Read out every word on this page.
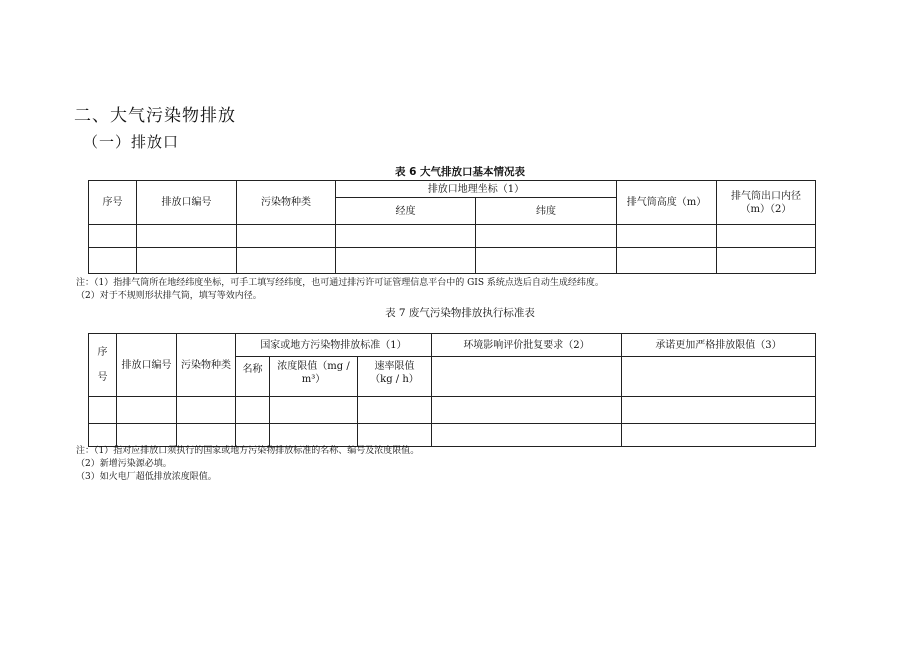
二、大气污染物排放
（一）排放口
表 6 大气排放口基本情况表
序号	排放口编号	污染物种类	排放口地理坐标（1）		排气筒高度（m）	排气筒出口内径
（m）（2）

			经度	纬度		

注：（1）指排气筒所在地经纬度坐标，可手工填写经纬度，也可通过排污许可证管理信息平台中的 GIS 系统点选后自动生成经纬度。
（2）对于不规则形状排气筒，填写等效内径。
表 7 废气污染物排放执行标准表
序
号	排放口编号	污染物种类	国家或地方污染物排放标准（1）			环境影响评价批复要求（2）	承诺更加严格排放限值（3）
			名称	浓度限值（mg / m³）	速率限值
（kg / h）		

注：（1）指对应排放口须执行的国家或地方污染物排放标准的名称、编号及浓度限值。
（2）新增污染源必填。
（3）如火电厂超低排放浓度限值。
